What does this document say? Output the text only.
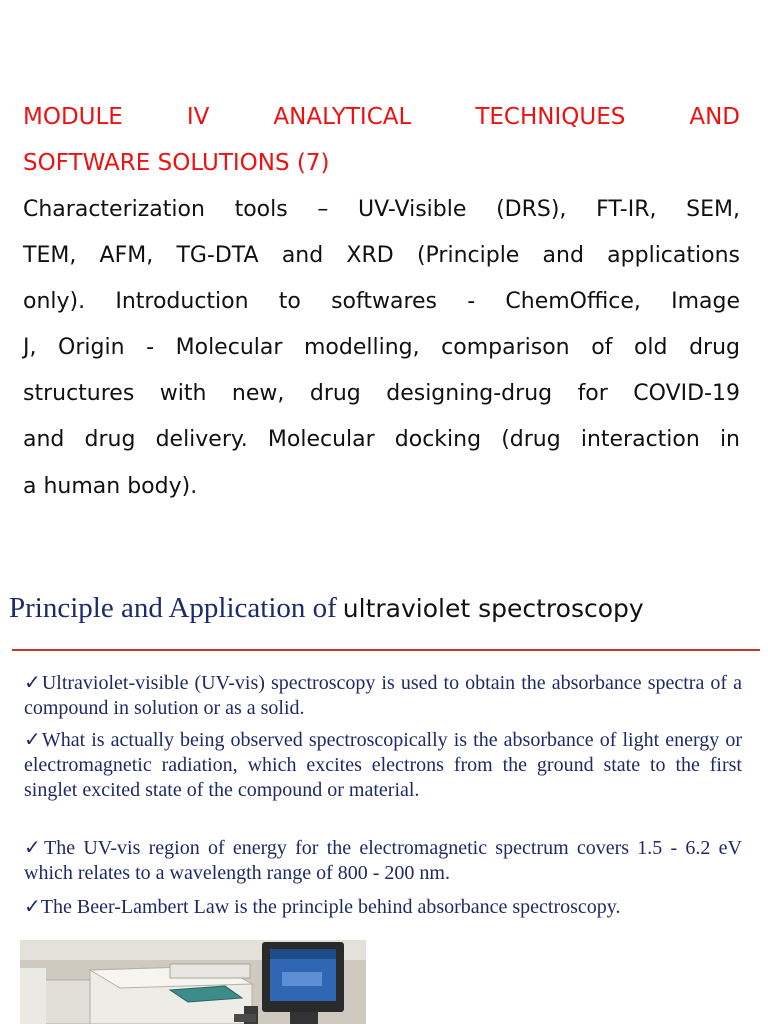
MODULE	IV	ANALYTICAL	TECHNIQUES	AND

SOFTWARE SOLUTIONS (7)

Characterization tools – UV-Visible (DRS), FT-IR, SEM,

TEM, AFM, TG-DTA and XRD (Principle and applications

only). Introduction to softwares - ChemOffice, Image

J, Origin - Molecular modelling, comparison of old drug

structures with new, drug designing-drug for COVID-19

and drug delivery. Molecular docking (drug interaction in

a human body).

Principle and Application of ultraviolet spectroscopy
✓Ultraviolet-visible (UV-vis) spectroscopy is used to obtain the absorbance spectra of a compound in solution or as a solid.
✓What is actually being observed spectroscopically is the absorbance of light energy or electromagnetic radiation, which excites electrons from the ground state to the first singlet excited state of the compound or material.
✓The UV-vis region of energy for the electromagnetic spectrum covers 1.5 - 6.2 eV which relates to a wavelength range of 800 - 200 nm.
✓The Beer-Lambert Law is the principle behind absorbance spectroscopy.
